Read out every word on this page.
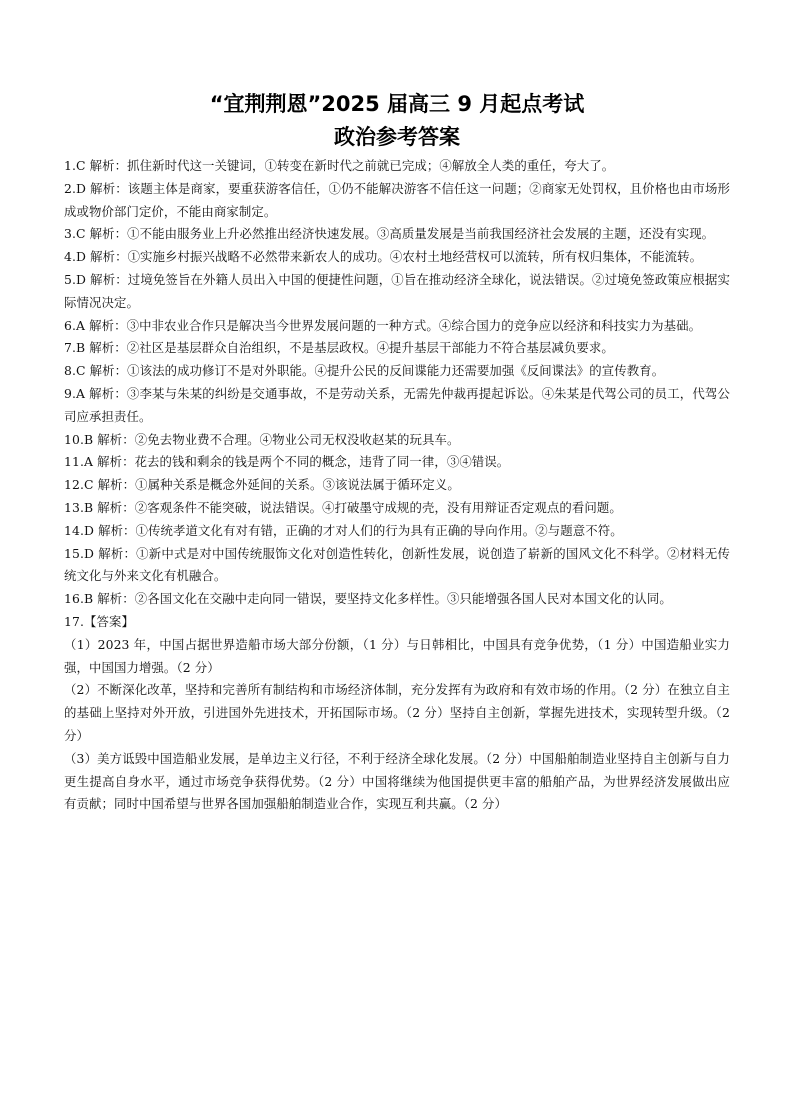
“宜荆荆恩”2025 届高三 9 月起点考试
政治参考答案

1.C 解析：抓住新时代这一关键词，①转变在新时代之前就已完成；④解放全人类的重任，夸大了。

2.D 解析：该题主体是商家，要重获游客信任，①仍不能解决游客不信任这一问题；②商家无处罚权，且价格也由市场形成或物价部门定价，不能由商家制定。

3.C 解析：①不能由服务业上升必然推出经济快速发展。③高质量发展是当前我国经济社会发展的主题，还没有实现。

4.D 解析：①实施乡村振兴战略不必然带来新农人的成功。④农村土地经营权可以流转，所有权归集体，不能流转。

5.D 解析：过境免签旨在外籍人员出入中国的便捷性问题，①旨在推动经济全球化，说法错误。②过境免签政策应根据实际情况决定。

6.A 解析：③中非农业合作只是解决当今世界发展问题的一种方式。④综合国力的竞争应以经济和科技实力为基础。

7.B 解析：②社区是基层群众自治组织，不是基层政权。④提升基层干部能力不符合基层减负要求。

8.C 解析：①该法的成功修订不是对外职能。④提升公民的反间谍能力还需要加强《反间谍法》的宣传教育。

9.A 解析：③李某与朱某的纠纷是交通事故，不是劳动关系，无需先仲裁再提起诉讼。④朱某是代驾公司的员工，代驾公司应承担责任。

10.B 解析：②免去物业费不合理。④物业公司无权没收赵某的玩具车。

11.A 解析：花去的钱和剩余的钱是两个不同的概念，违背了同一律，③④错误。

12.C 解析：①属种关系是概念外延间的关系。③该说法属于循环定义。

13.B 解析：②客观条件不能突破，说法错误。④打破墨守成规的壳，没有用辩证否定观点的看问题。

14.D 解析：①传统孝道文化有对有错，正确的才对人们的行为具有正确的导向作用。②与题意不符。

15.D 解析：①新中式是对中国传统服饰文化对创造性转化，创新性发展，说创造了崭新的国风文化不科学。②材料无传统文化与外来文化有机融合。

16.B 解析：②各国文化在交融中走向同一错误，要坚持文化多样性。③只能增强各国人民对本国文化的认同。

17.【答案】

（1）2023 年，中国占据世界造船市场大部分份额，（1 分）与日韩相比，中国具有竞争优势，（1 分）中国造船业实力强，中国国力增强。（2 分）

（2）不断深化改革，坚持和完善所有制结构和市场经济体制，充分发挥有为政府和有效市场的作用。（2 分）在独立自主的基础上坚持对外开放，引进国外先进技术，开拓国际市场。（2 分）坚持自主创新，掌握先进技术，实现转型升级。（2 分）

（3）美方诋毁中国造船业发展，是单边主义行径，不利于经济全球化发展。（2 分）中国船舶制造业坚持自主创新与自力更生提高自身水平，通过市场竞争获得优势。（2 分）中国将继续为他国提供更丰富的船舶产品，为世界经济发展做出应有贡献；同时中国希望与世界各国加强船舶制造业合作，实现互利共赢。（2 分）
